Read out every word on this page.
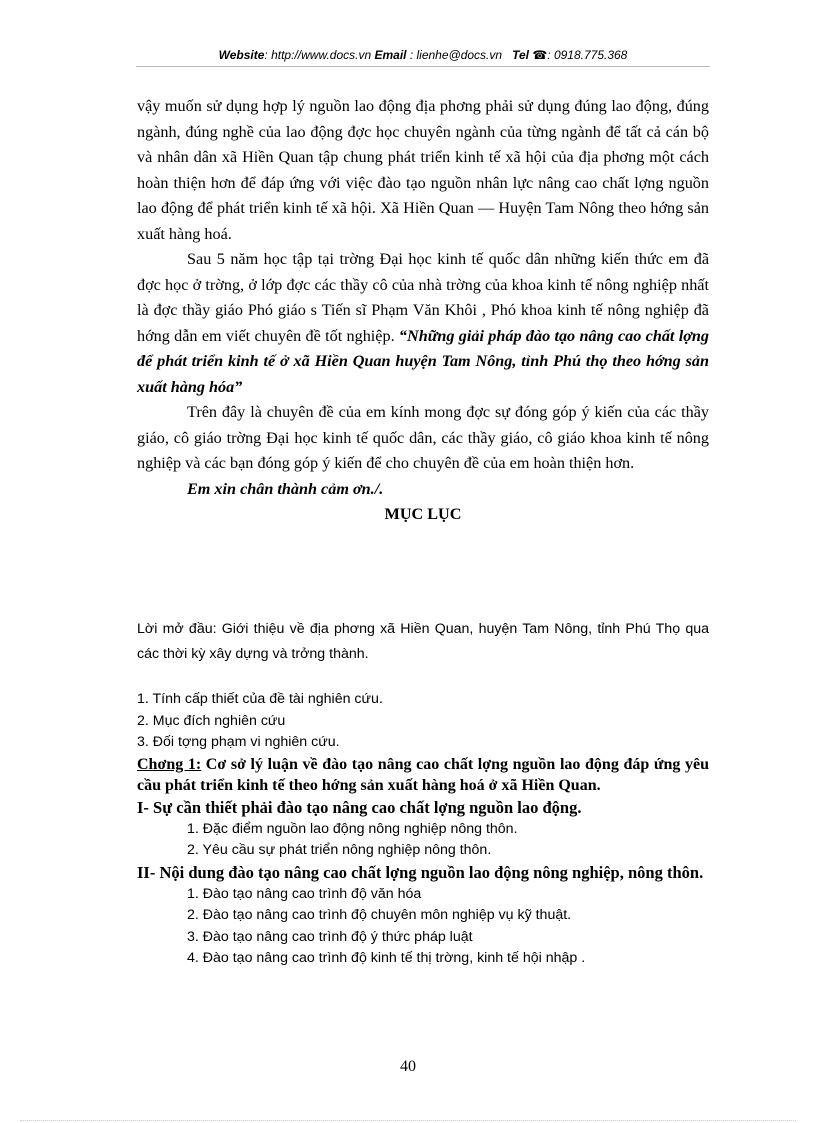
Website: http://www.docs.vn Email : lienhe@docs.vn Tel ☎: 0918.775.368

vậy muốn sử dụng hợp lý nguồn lao động địa phơng phải sử dụng đúng lao động, đúng ngành, đúng nghề của lao động đợc học chuyên ngành của từng ngành để tất cả cán bộ và nhân dân xã Hiền Quan tập chung phát triển kinh tế xã hội của địa phơng một cách hoàn thiện hơn để đáp ứng với việc đào tạo nguồn nhân lực nâng cao chất lợng nguồn lao động để phát triển kinh tế xã hội. Xã Hiền Quan — Huyện Tam Nông theo hớng sản xuất hàng hoá.

Sau 5 năm học tập tại trờng Đại học kinh tế quốc dân những kiến thức em đã đợc học ở trờng, ở lớp đợc các thầy cô của nhà trờng của khoa kinh tế nông nghiệp nhất là đợc thầy giáo Phó giáo s Tiến sĩ Phạm Văn Khôi , Phó khoa kinh tế nông nghiệp đã hớng dẫn em viết chuyên đề tốt nghiệp. “Những giải pháp đào tạo nâng cao chất lợng để phát triển kinh tế ở xã Hiền Quan huyện Tam Nông, tỉnh Phú thọ theo hớng sản xuất hàng hóa”

Trên đây là chuyên đề của em kính mong đợc sự đóng góp ý kiến của các thầy giáo, cô giáo trờng Đại học kinh tế quốc dân, các thầy giáo, cô giáo khoa kinh tế nông nghiệp và các bạn đóng góp ý kiến để cho chuyên đề của em hoàn thiện hơn.

Em xin chân thành cảm ơn./.

MỤC LỤC

Lời mở đầu: Giới thiệu về địa phơng xã Hiền Quan, huyện Tam Nông, tỉnh Phú Thọ qua các thời kỳ xây dựng và trởng thành.

1. Tính cấp thiết của đề tài nghiên cứu.

2. Mục đích nghiên cứu

3. Đối tợng phạm vi nghiên cứu.

Chơng 1: Cơ sở lý luận về đào tạo nâng cao chất lợng nguồn lao động đáp ứng yêu cầu phát triển kinh tế theo hớng sản xuất hàng hoá ở xã Hiền Quan.

I- Sự cần thiết phải đào tạo nâng cao chất lợng nguồn lao động.

1. Đặc điểm nguồn lao động nông nghiệp nông thôn.

2. Yêu cầu sự phát triển nông nghiệp nông thôn.

II- Nội dung đào tạo nâng cao chất lợng nguồn lao động nông nghiệp, nông thôn.

1. Đào tạo nâng cao trình độ văn hóa

2. Đào tạo nâng cao trình độ chuyên môn nghiệp vụ kỹ thuật.

3. Đào tạo nâng cao trình độ ý thức pháp luật

4. Đào tạo nâng cao trình độ kinh tế thị trờng, kinh tế hội nhập .

40
